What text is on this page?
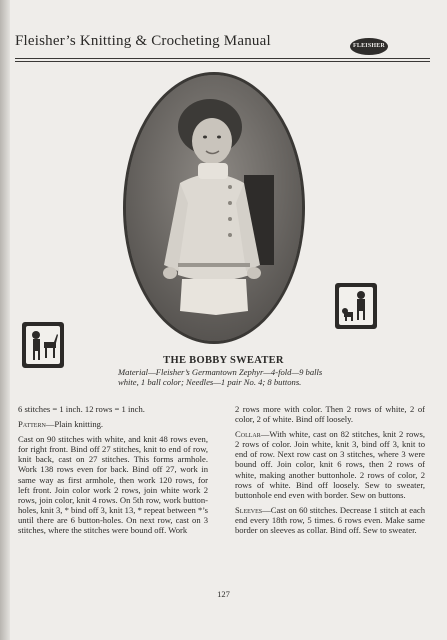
Fleisher’s Knitting & Crocheting Manual	FLEISHER
THE BOBBY SWEATER
Material—Fleisher’s Germantown Zephyr—4-fold—9 balls white, 1 ball color; Needles—1 pair No. 4; 8 buttons.

6 stitches = 1 inch. 12 rows = 1 inch.

Pattern—Plain knitting.

Cast on 90 stitches with white, and knit 48 rows even, for right front. Bind off 27 stitches, knit to end of row, knit back, cast on 27 stitches. This forms armhole. Work 138 rows even for back. Bind off 27, work in same way as first armhole, then work 120 rows, for left front. Join color work 2 rows, join white work 2 rows, join color, knit 4 rows. On 5th row, work button-holes, knit 3, * bind off 3, knit 13, * repeat between *’s until there are 6 button-holes. On next row, cast on 3 stitches, where the stitches were bound off. Work

2 rows more with color. Then 2 rows of white, 2 of color, 2 of white. Bind off loosely.

Collar—With white, cast on 82 stitches, knit 2 rows, 2 rows of color. Join white, knit 3, bind off 3, knit to end of row. Next row cast on 3 stitches, where 3 were bound off. Join color, knit 6 rows, then 2 rows of white, making another buttonhole. 2 rows of color, 2 rows of white. Bind off loosely. Sew to sweater, buttonhole end even with border. Sew on buttons.

Sleeves—Cast on 60 stitches. Decrease 1 stitch at each end every 18th row, 5 times. 6 rows even. Make same border on sleeves as collar. Bind off. Sew to sweater.

127
